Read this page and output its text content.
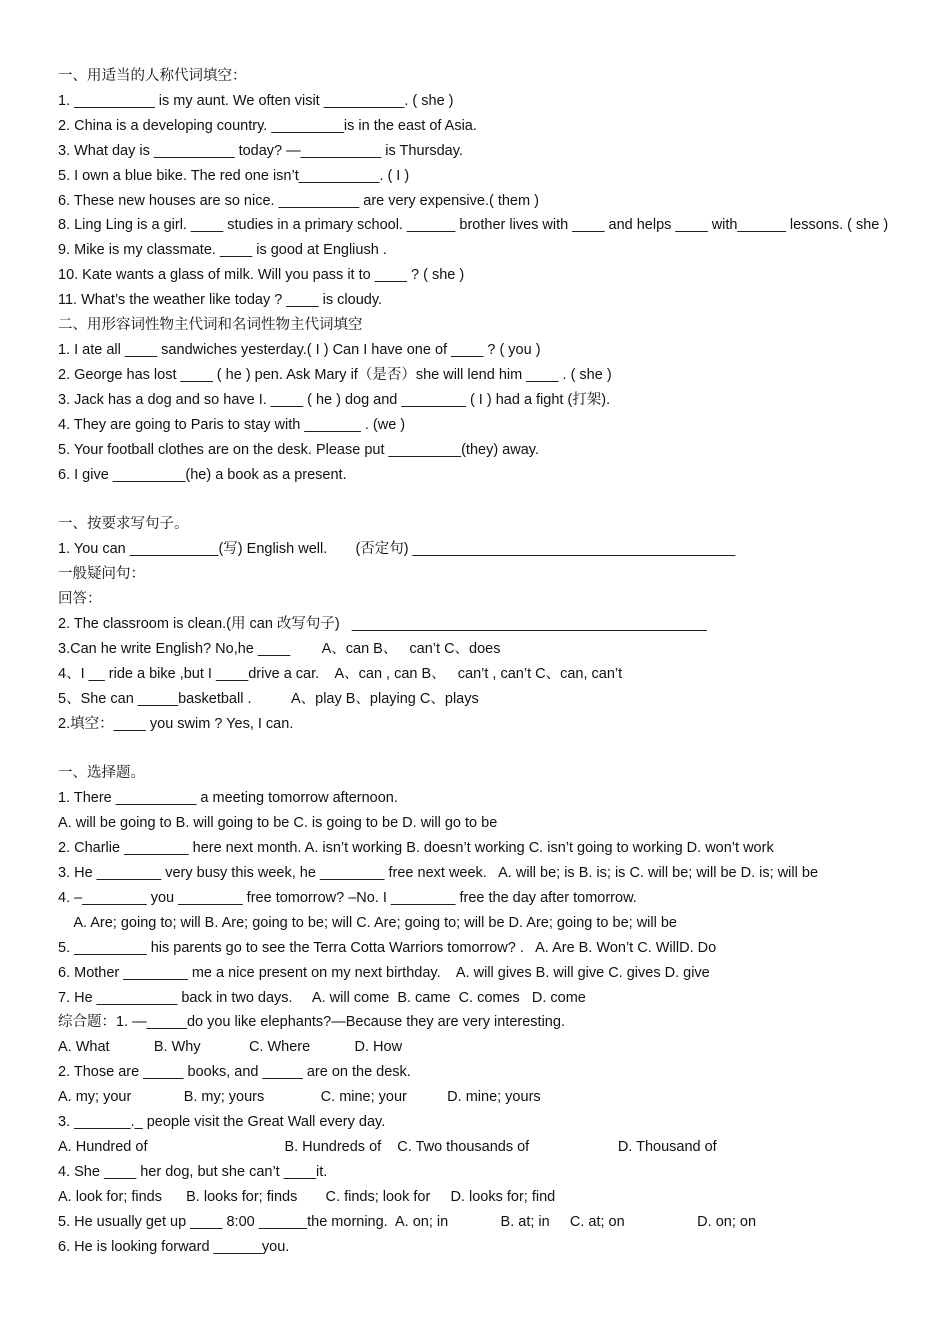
一、用适当的人称代词填空：
1. __________ is my aunt. We often visit __________. ( she )
2. China is a developing country. _________is in the east of Asia.
3. What day is __________ today? —__________ is Thursday.
5. I own a blue bike. The red one isn’t__________. ( I )
6. These new houses are so nice. __________ are very expensive.( them )
8. Ling Ling is a girl. ____ studies in a primary school. ______ brother lives with ____ and helps ____ with______ lessons. ( she )
9. Mike is my classmate. ____ is good at Engliush .
10. Kate wants a glass of milk. Will you pass it to ____ ? ( she )
11. What’s the weather like today ? ____ is cloudy.
二、用形容词性物主代词和名词性物主代词填空
1. I ate all ____ sandwiches yesterday.( I ) Can I have one of ____ ? ( you )
2. George has lost ____ ( he ) pen. Ask Mary if（是否）she will lend him ____ . ( she )
3. Jack has a dog and so have I. ____ ( he ) dog and ________ ( I ) had a fight (打架).
4. They are going to Paris to stay with _______ . (we )
5. Your football clothes are on the desk. Please put _________(they) away.
6. I give _________(he) a book as a present.
一、按要求写句子。
1. You can ___________(写) English well.       (否定句) ________________________________________
一般疑问句：
回答：
2. The classroom is clean.(用 can 改写句子)   ____________________________________________
3.Can he write English? No,he ____        A、can B、   can’t C、does
4、I __ ride a bike ,but I ____drive a car.    A、can , can B、   can’t , can’t C、can, can’t
5、She can _____basketball .          A、play B、playing C、plays
2.填空：____ you swim ? Yes, I can.
一、选择题。
1. There __________ a meeting tomorrow afternoon.
A. will be going to B. will going to be C. is going to be D. will go to be
2. Charlie ________ here next month. A. isn’t working B. doesn’t working C. isn’t going to working D. won’t work
3. He ________ very busy this week, he ________ free next week.   A. will be; is B. is; is C. will be; will be D. is; will be
4. –________ you ________ free tomorrow? –No. I ________ free the day after tomorrow.
A. Are; going to; will B. Are; going to be; will C. Are; going to; will be D. Are; going to be; will be
5. _________ his parents go to see the Terra Cotta Warriors tomorrow? .   A. Are B. Won’t C. WillD. Do
6. Mother ________ me a nice present on my next birthday.    A. will gives B. will give C. gives D. give
7. He __________ back in two days.     A. will come  B. came  C. comes   D. come
综合题：1. —_____do you like elephants?—Because they are very interesting.
A. What           B. Why            C. Where           D. How
2. Those are _____ books, and _____ are on the desk.
A. my; your             B. my; yours              C. mine; your          D. mine; yours
3. _______._ people visit the Great Wall every day.
A. Hundred of                                  B. Hundreds of    C. Two thousands of                      D. Thousand of
4. She ____ her dog, but she can’t ____it.
A. look for; finds      B. looks for; finds       C. finds; look for     D. looks for; find
5. He usually get up ____ 8:00 ______the morning.  A. on; in             B. at; in     C. at; on                  D. on; on
6. He is looking forward ______you.
